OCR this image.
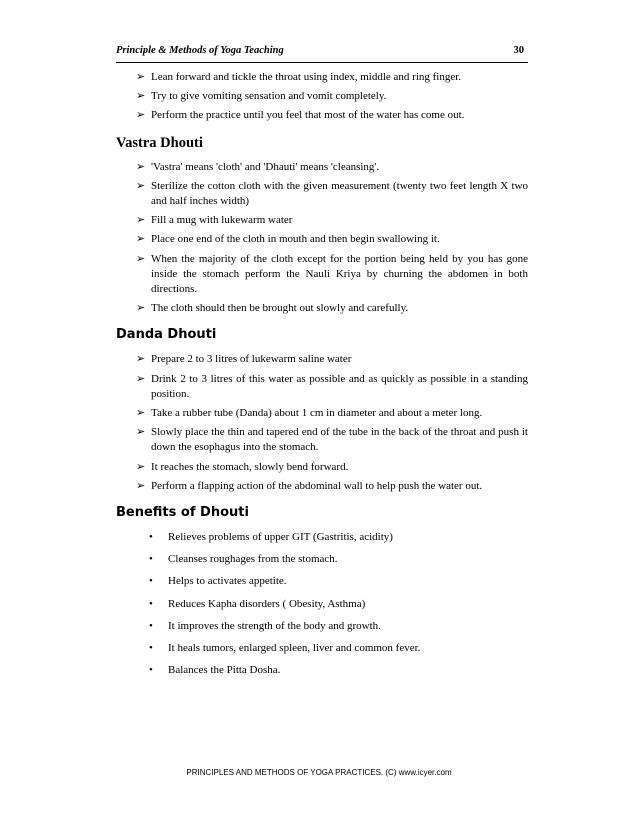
Principle & Methods of Yoga Teaching	30
➢ Lean forward and tickle the throat using index, middle and ring finger.
➢ Try to give vomiting sensation and vomit completely.
➢ Perform the practice until you feel that most of the water has come out.
Vastra Dhouti
➢ 'Vastra' means 'cloth' and 'Dhauti' means 'cleansing'.
➢ Sterilize the cotton cloth with the given measurement (twenty two feet length X two and half inches width)
➢ Fill a mug with lukewarm water
➢ Place one end of the cloth in mouth and then begin swallowing it.
➢ When the majority of the cloth except for the portion being held by you has gone inside the stomach perform the Nauli Kriya by churning the abdomen in both directions.
➢ The cloth should then be brought out slowly and carefully.
Danda Dhouti
➢ Prepare 2 to 3 litres of lukewarm saline water
➢ Drink 2 to 3 litres of this water as possible and as quickly as possible in a standing position.
➢ Take a rubber tube (Danda) about 1 cm in diameter and about a meter long.
➢ Slowly place the thin and tapered end of the tube in the back of the throat and push it down the esophagus into the stomach.
➢ It reaches the stomach, slowly bend forward.
➢ Perform a flapping action of the abdominal wall to help push the water out.
Benefits of Dhouti
• Relieves problems of upper GIT (Gastritis, acidity)
• Cleanses roughages from the stomach.
• Helps to activates appetite.
• Reduces Kapha disorders ( Obesity, Asthma)
• It improves the strength of the body and growth.
• It heals tumors, enlarged spleen, liver and common fever.
• Balances the Pitta Dosha.
PRINCIPLES AND METHODS OF YOGA PRACTICES. (C) www.icyer.com
